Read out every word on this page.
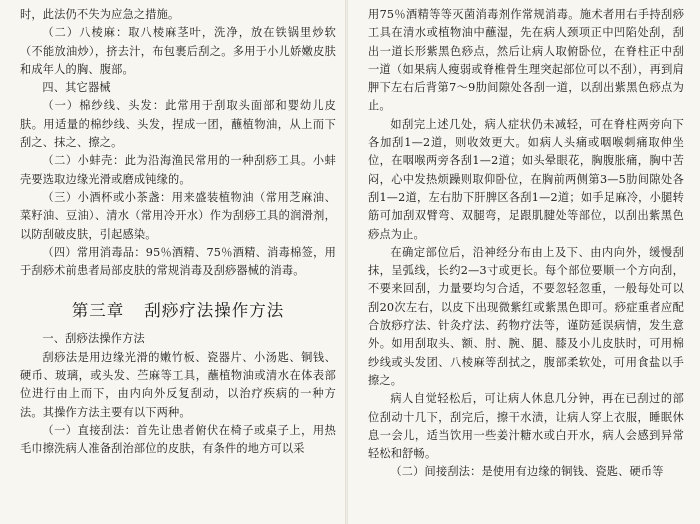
时，此法仍不失为应急之措施。

（二）八棱麻：取八棱麻茎叶，洗净，放在铁锅里炒软（不能放油炒），挤去汁，布包裹后刮之。多用于小儿娇嫩皮肤和成年人的胸、腹部。

四、其它器械

（一）棉纱线、头发：此常用于刮取头面部和婴幼儿皮肤。用适量的棉纱线、头发，捏成一团，蘸植物油，从上而下刮之、抹之、擦之。

（二）小蚌壳：此为沿海渔民常用的一种刮痧工具。小蚌壳要选取边缘光滑或磨成钝缘的。

（三）小酒杯或小茶盏：用来盛装植物油（常用芝麻油、菜籽油、豆油）、清水（常用冷开水）作为刮痧工具的润滑剂，以防刮破皮肤，引起感染。

（四）常用消毒品：95％酒精、75％酒精、消毒棉签，用于刮痧术前患者局部皮肤的常规消毒及刮痧器械的消毒。

第三章 刮痧疗法操作方法

一、刮痧法操作方法

刮痧法是用边缘光滑的嫩竹板、瓷器片、小汤匙、铜钱、硬币、玻璃，或头发、苎麻等工具，蘸植物油或清水在体表部位进行由上而下，由内向外反复刮动，以治疗疾病的一种方法。其操作方法主要有以下两种。

（一）直接刮法：首先让患者俯伏在椅子或桌子上，用热毛巾擦洗病人准备刮治部位的皮肤，有条件的地方可以采

用75％酒精等等灭菌消毒剂作常规消毒。施术者用右手持刮痧工具在清水或植物油中蘸湿，先在病人颈项正中凹陷处刮，刮出一道长形紫黑色痧点，然后让病人取俯卧位，在脊柱正中刮一道（如果病人瘦弱或脊椎骨生理突起部位可以不刮），再到肩胛下左右后背第7～9肋间隙处各刮一道，以刮出紫黑色痧点为止。

如刮完上述几处，病人症状仍未减轻，可在脊柱两旁向下各加刮1—2道，则收效更大。如病人头痛或咽喉刺痛取伸坐位，在咽喉两旁各刮1—2道；如头晕眼花，胸腹胀痛，胸中苦闷，心中发热烦躁则取仰卧位，在胸前两侧第3—5肋间隙处各刮1—2道，左右肋下肝脾区各刮1—2道；如手足麻冷，小腿转筋可加刮双臂弯、双腿弯，足跟肌腱处等部位，以刮出紫黑色痧点为止。

在确定部位后，沿神经分布由上及下、由内向外，缓慢刮抹，呈弧线，长约2—3寸或更长。每个部位要顺一个方向刮，不要来回刮，力量要均匀合适，不要忽轻忽重，一般每处可以刮20次左右，以皮下出现微紫红或紫黑色即可。痧症重者应配合放痧疗法、针灸疗法、药物疗法等，谨防延误病情，发生意外。如用刮取头、额、肘、腕、腿、膝及小儿皮肤时，可用棉纱线或头发团、八棱麻等刮拭之，腹部柔软处，可用食盐以手擦之。

病人自觉轻松后，可让病人休息几分钟，再在已刮过的部位刮动十几下，刮完后，擦干水渍，让病人穿上衣服，睡眠休息一会儿，适当饮用一些姜汁糖水或白开水，病人会感到异常轻松和舒畅。

（二）间接刮法：是使用有边缘的铜钱、瓷匙、硬币等
